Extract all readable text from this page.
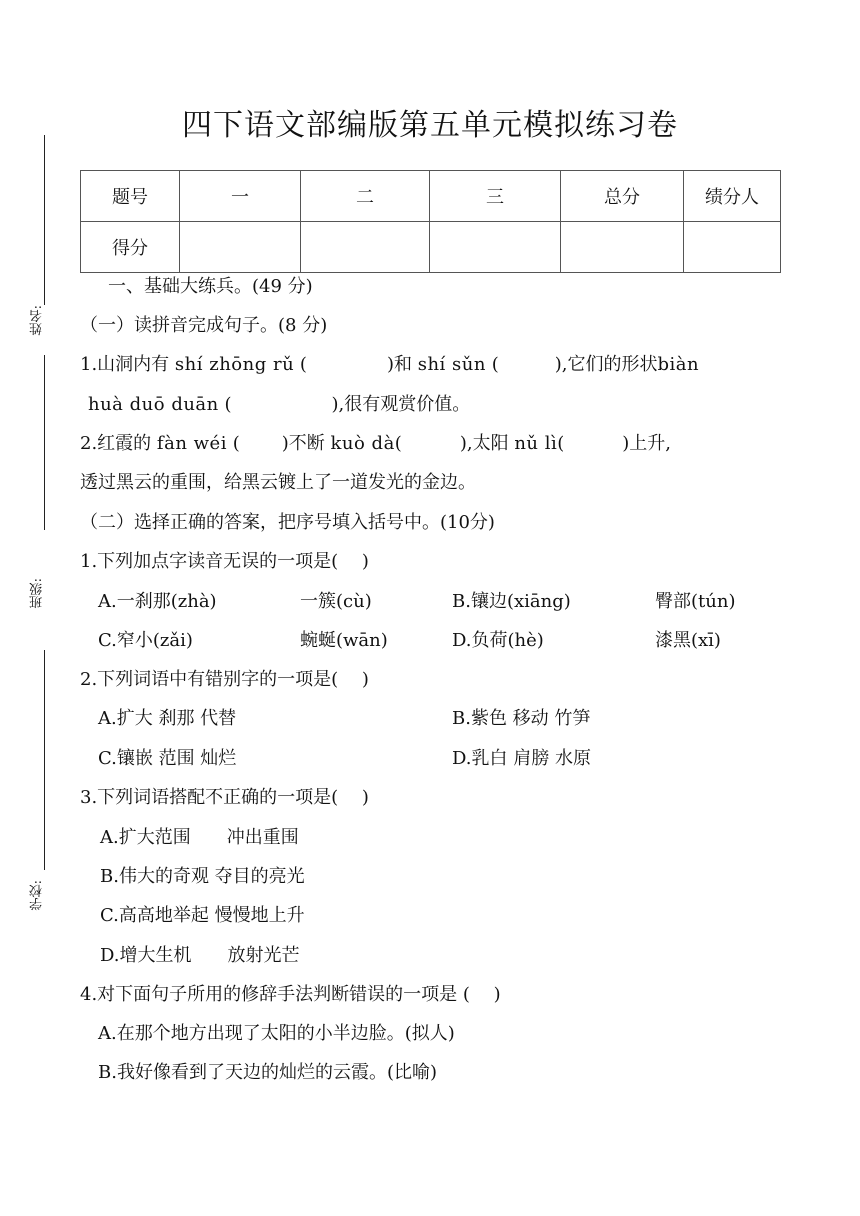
姓名:
班级:
学校:
四下语文部编版第五单元模拟练习卷
题号	一	二	三	总分	绩分人
得分					
一、基础大练兵。(49 分)
（一）读拼音完成句子。(8 分)
1.山洞内有 shí zhōng rǔ (	)和 shí sǔn (	),它们的形状biàn
huà duō duān (	),很有观赏价值。
2.红霞的 fàn wéi ( )不断 kuò dà(	),太阳 nǔ lì(	)上升,
透过黑云的重围，给黑云镀上了一道发光的金边。
（二）选择正确的答案，把序号填入括号中。(10分)
1.下列加点字读音无误的一项是(　 )
A.一刹那(zhà)	一簇(cù)	B.镶边(xiāng)	臀部(tún)
C.窄小(zǎi)	蜿蜒(wān)	D.负荷(hè)	漆黑(xī)
2.下列词语中有错别字的一项是(　 )
A.扩大 刹那 代替	B.紫色 移动 竹笋
C.镶嵌 范围 灿烂	D.乳白 肩膀 水原
3.下列词语搭配不正确的一项是(　 )
A.扩大范围　　冲出重围
B.伟大的奇观 夺目的亮光
C.高高地举起 慢慢地上升
D.增大生机　　放射光芒
4.对下面句子所用的修辞手法判断错误的一项是 (　 )
A.在那个地方出现了太阳的小半边脸。(拟人)
B.我好像看到了天边的灿烂的云霞。(比喻)
